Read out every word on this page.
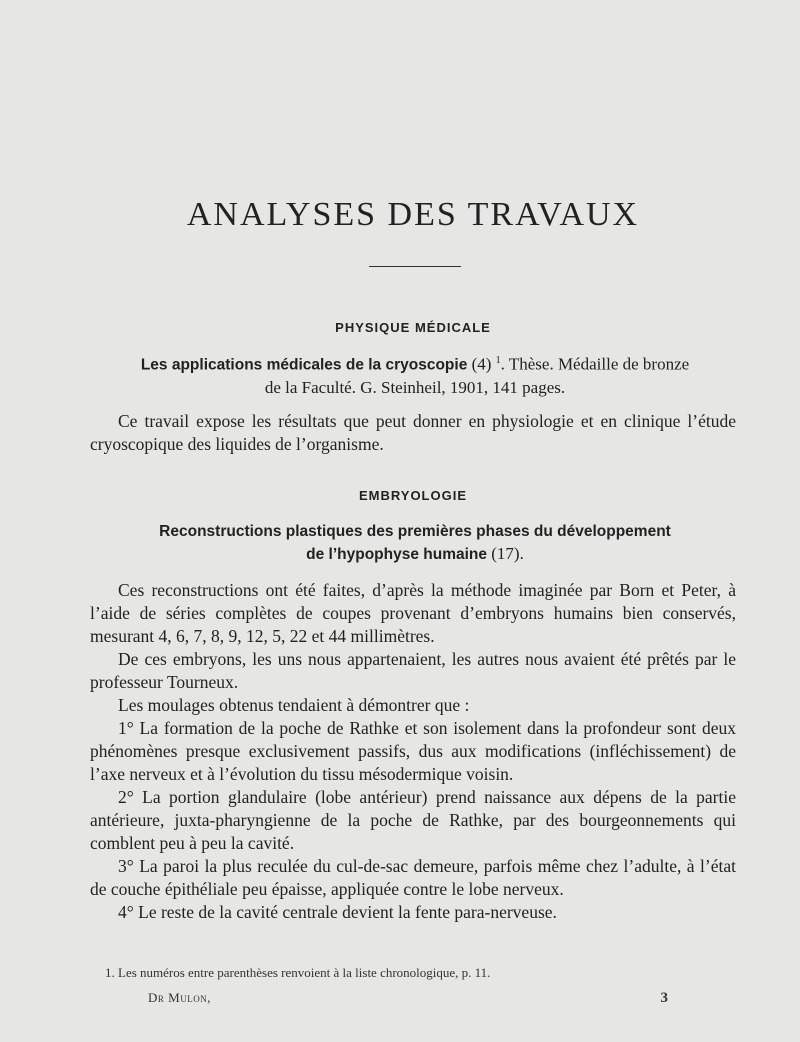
ANALYSES DES TRAVAUX
PHYSIQUE MÉDICALE
Les applications médicales de la cryoscopie (4) $^1$. Thèse. Médaille de bronze
de la Faculté. G. Steinheil, 1901, 141 pages.

Ce travail expose les résultats que peut donner en physiologie et en clinique l’étude cryoscopique des liquides de l’organisme.

EMBRYOLOGIE
Reconstructions plastiques des premières phases du développement
de l’hypophyse humaine (17).

Ces reconstructions ont été faites, d’après la méthode imaginée par Born et Peter, à l’aide de séries complètes de coupes provenant d’embryons humains bien conservés, mesurant 4, 6, 7, 8, 9, 12, 5, 22 et 44 millimètres.

De ces embryons, les uns nous appartenaient, les autres nous avaient été prêtés par le professeur Tourneux.

Les moulages obtenus tendaient à démontrer que :

1° La formation de la poche de Rathke et son isolement dans la profondeur sont deux phénomènes presque exclusivement passifs, dus aux modifications (infléchissement) de l’axe nerveux et à l’évolution du tissu mésodermique voisin.

2° La portion glandulaire (lobe antérieur) prend naissance aux dépens de la partie antérieure, juxta-pharyngienne de la poche de Rathke, par des bourgeonnements qui comblent peu à peu la cavité.

3° La paroi la plus reculée du cul-de-sac demeure, parfois même chez l’adulte, à l’état de couche épithéliale peu épaisse, appliquée contre le lobe nerveux.

4° Le reste de la cavité centrale devient la fente para-nerveuse.

1. Les numéros entre parenthèses renvoient à la liste chronologique, p. 11.
Dr Mulon,	3
